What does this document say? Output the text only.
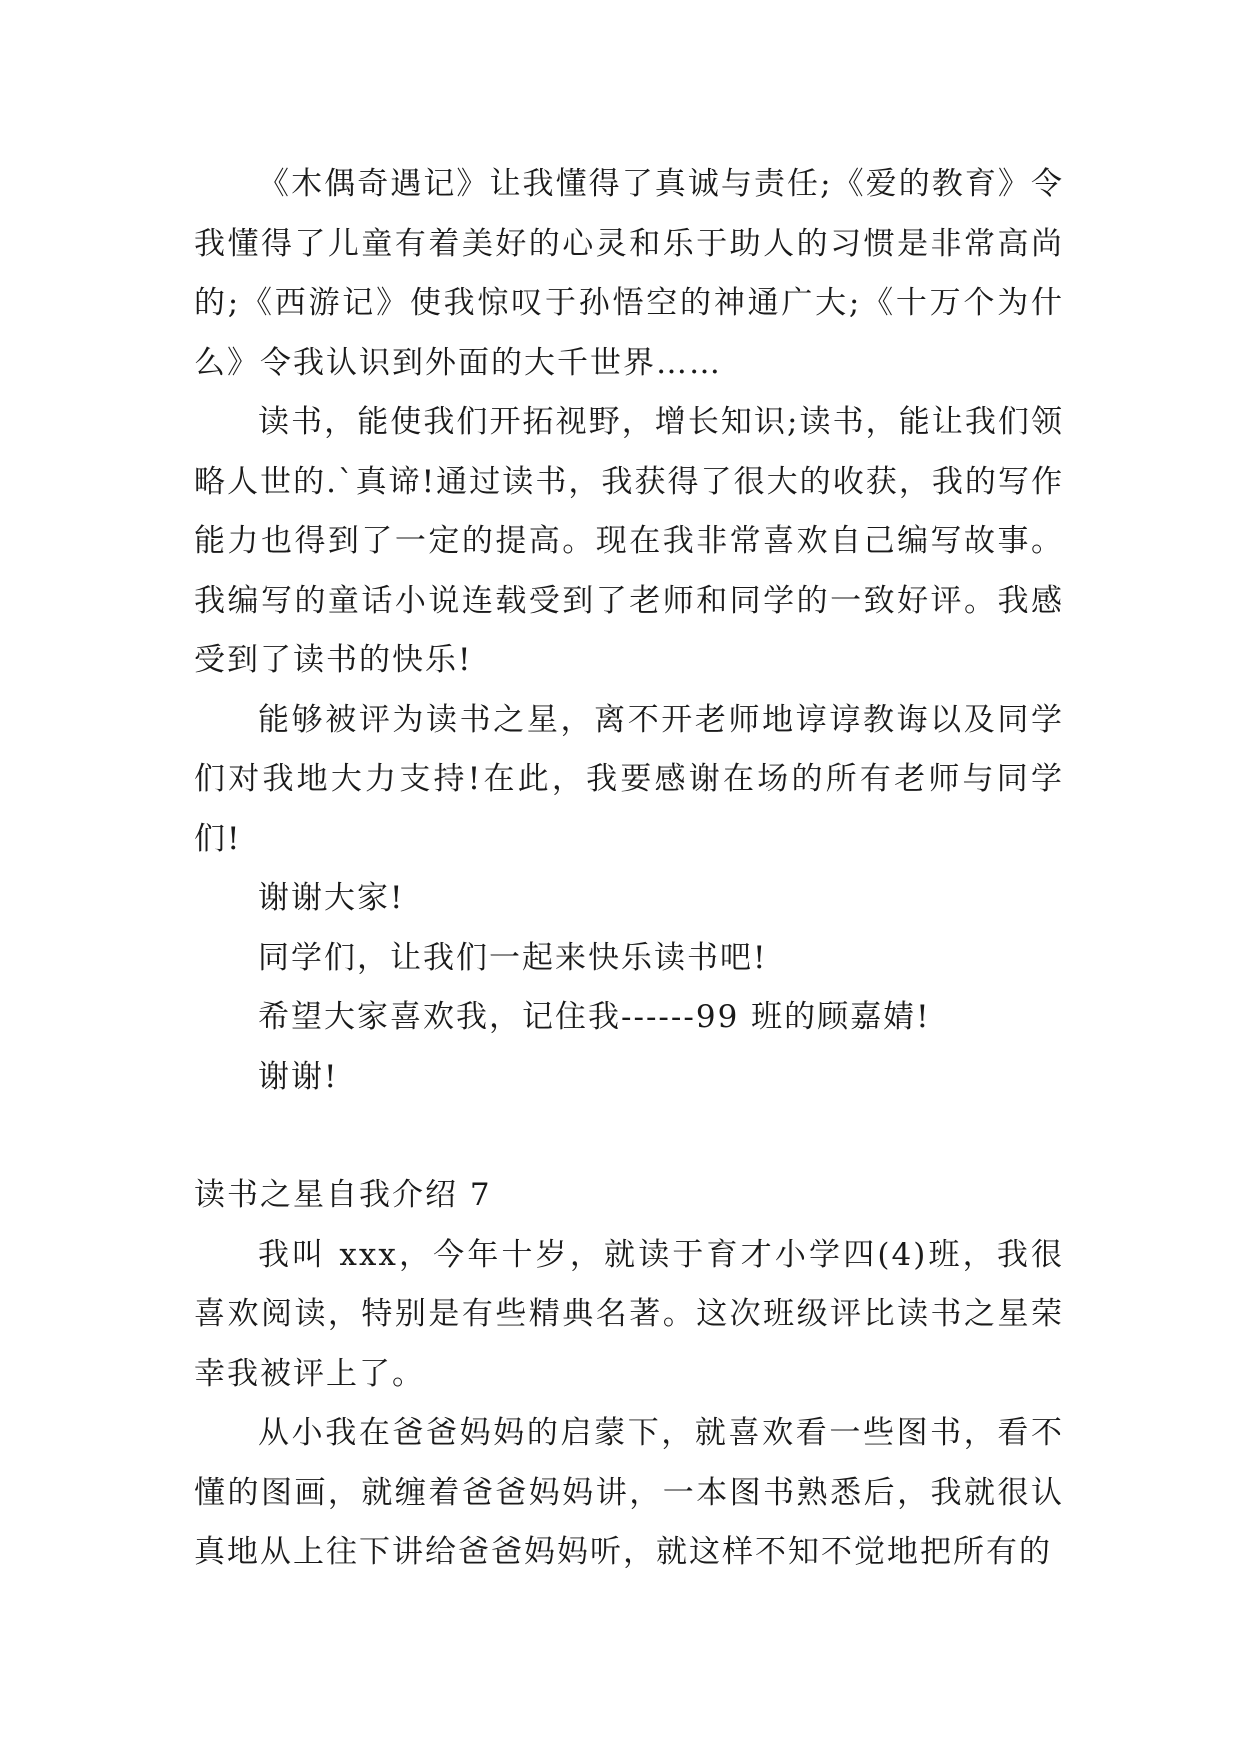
《木偶奇遇记》让我懂得了真诚与责任;《爱的教育》令我懂得了儿童有着美好的心灵和乐于助人的习惯是非常高尚的;《西游记》使我惊叹于孙悟空的神通广大;《十万个为什么》令我认识到外面的大千世界……

读书，能使我们开拓视野，增长知识;读书，能让我们领略人世的.`真谛!通过读书，我获得了很大的收获，我的写作能力也得到了一定的提高。现在我非常喜欢自己编写故事。我编写的童话小说连载受到了老师和同学的一致好评。我感受到了读书的快乐!

能够被评为读书之星，离不开老师地谆谆教诲以及同学们对我地大力支持!在此，我要感谢在场的所有老师与同学们!

谢谢大家!

同学们，让我们一起来快乐读书吧!

希望大家喜欢我，记住我------99 班的顾嘉婧!

谢谢!

读书之星自我介绍 7

我叫 xxx，今年十岁，就读于育才小学四(4)班，我很喜欢阅读，特别是有些精典名著。这次班级评比读书之星荣幸我被评上了。

从小我在爸爸妈妈的启蒙下，就喜欢看一些图书，看不懂的图画，就缠着爸爸妈妈讲，一本图书熟悉后，我就很认真地从上往下讲给爸爸妈妈听，就这样不知不觉地把所有的
